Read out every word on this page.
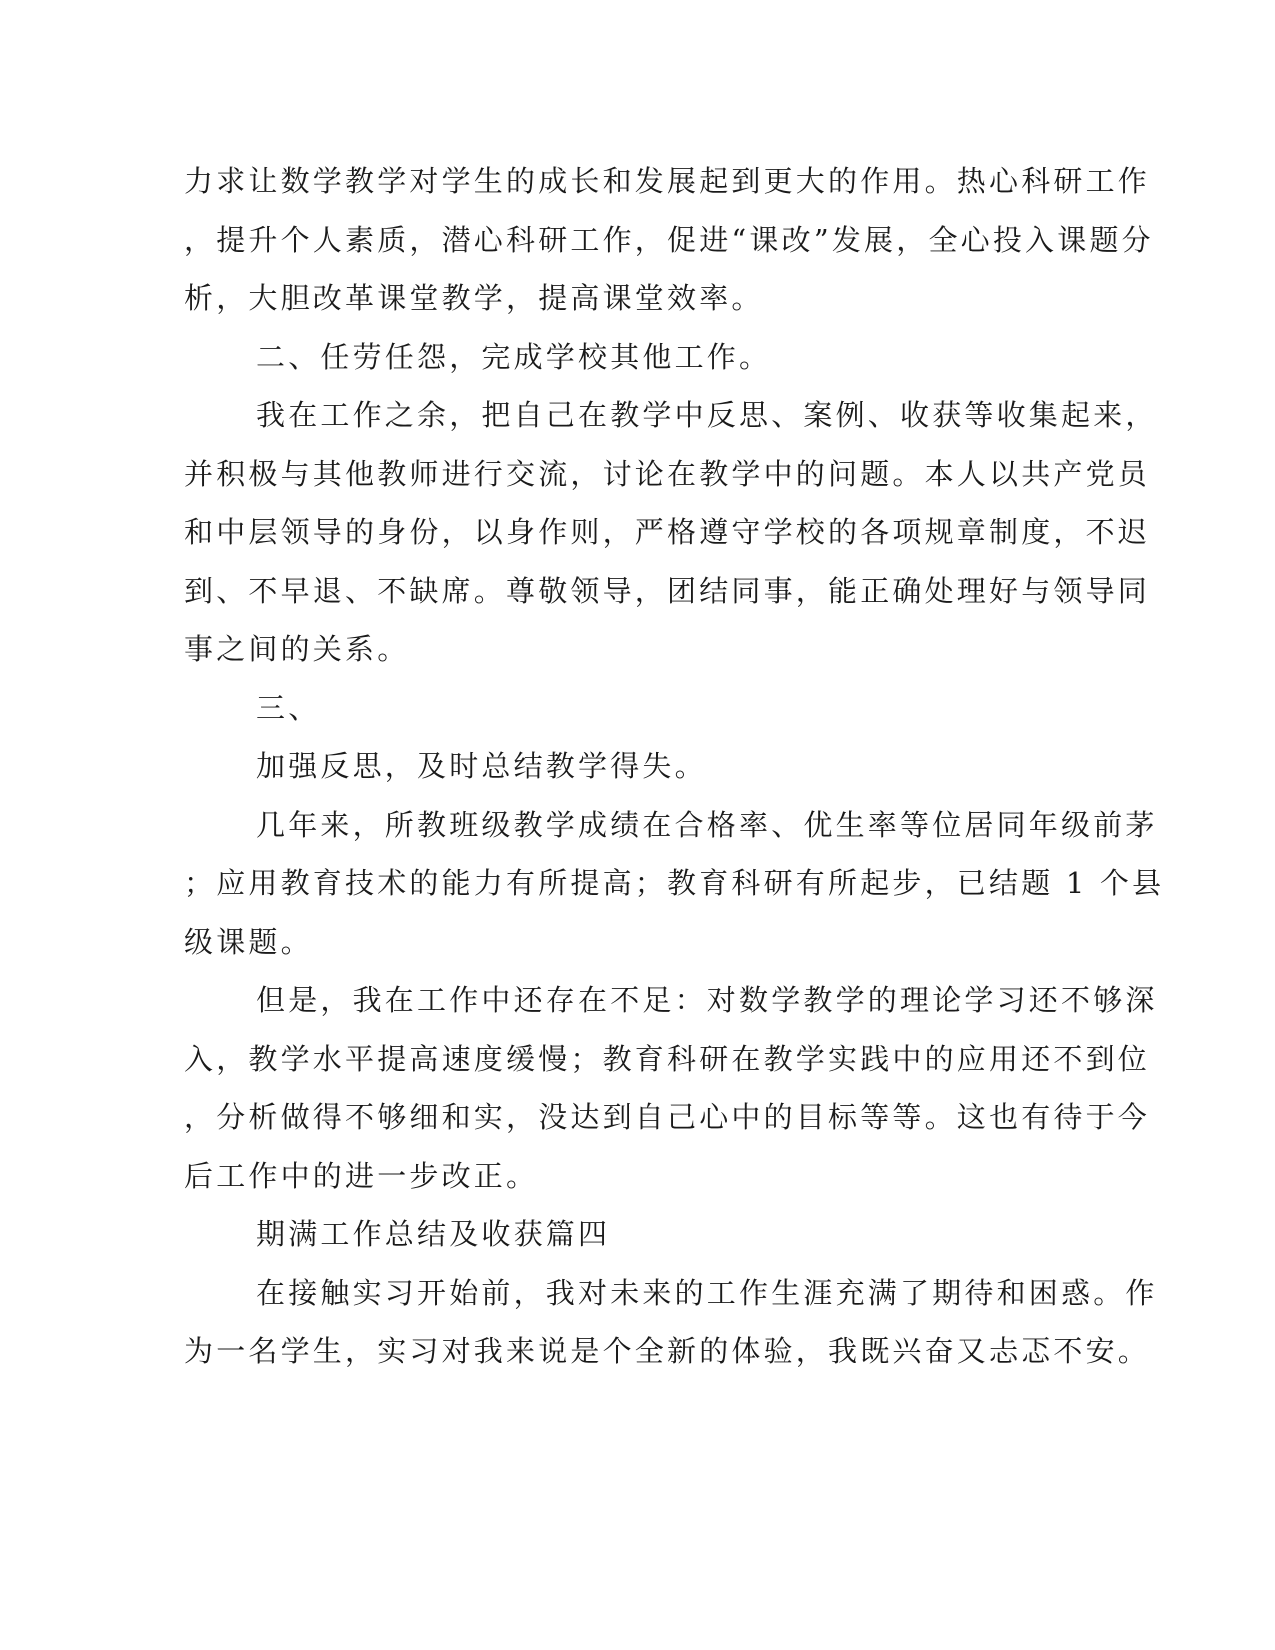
力求让数学教学对学生的成长和发展起到更大的作用。热心科研工作
，提升个人素质，潜心科研工作，促进“课改”发展，全心投入课题分
析，大胆改革课堂教学，提高课堂效率。
二、任劳任怨，完成学校其他工作。
我在工作之余，把自己在教学中反思、案例、收获等收集起来，
并积极与其他教师进行交流，讨论在教学中的问题。本人以共产党员
和中层领导的身份，以身作则，严格遵守学校的各项规章制度，不迟
到、不早退、不缺席。尊敬领导，团结同事，能正确处理好与领导同
事之间的关系。
三、
加强反思，及时总结教学得失。
几年来，所教班级教学成绩在合格率、优生率等位居同年级前茅
；应用教育技术的能力有所提高；教育科研有所起步，已结题 1 个县
级课题。
但是，我在工作中还存在不足：对数学教学的理论学习还不够深
入，教学水平提高速度缓慢；教育科研在教学实践中的应用还不到位
，分析做得不够细和实，没达到自己心中的目标等等。这也有待于今
后工作中的进一步改正。
期满工作总结及收获篇四
在接触实习开始前，我对未来的工作生涯充满了期待和困惑。作
为一名学生，实习对我来说是个全新的体验，我既兴奋又忐忑不安。
